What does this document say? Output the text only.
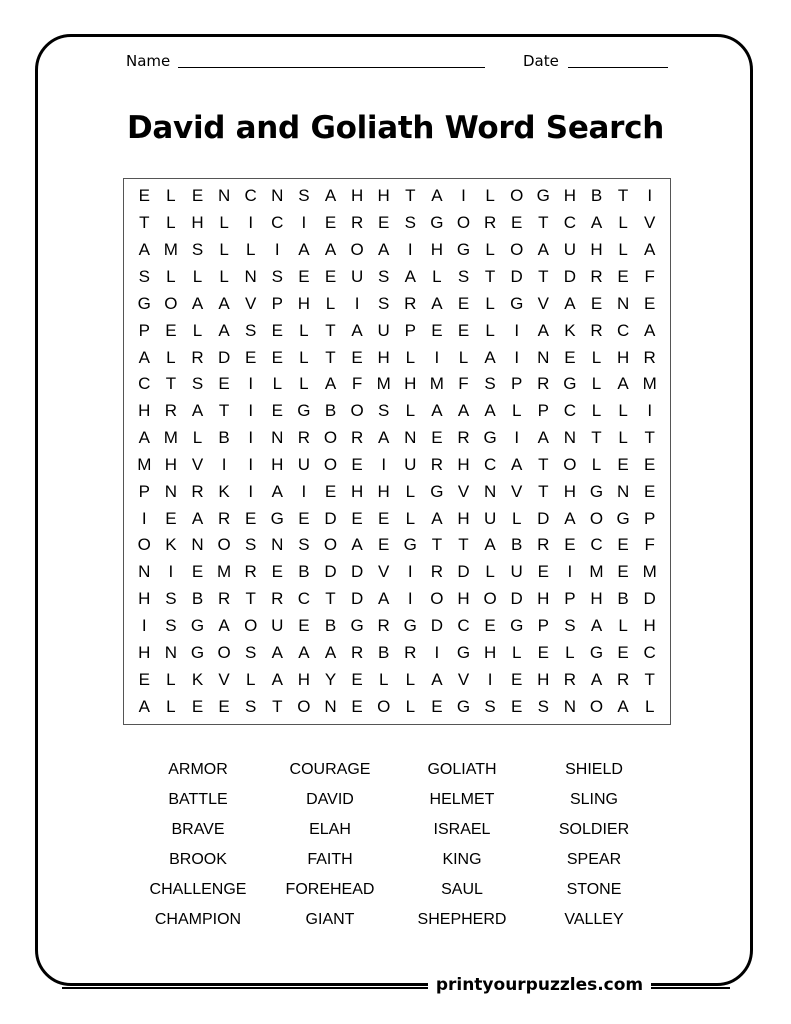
Name	Date
David and Goliath Word Search
E L E N C N S A H H T A	I	L O G H B T	I
T L H L	I	C	I	E R E S G O R E T C A L V
A M S L	L	I	A A O A	I	H G L O A U H L A
S L	L	L N S E E U S A L S T D T D R E F
G O A A V P H L	I	S R A E L G V A E N E
P E L A S E L T A U P E E L	I	A K R C A
A L R D E E L T E H L	I	L A	I	N E L H R
C T S E	I	L	L A F M H M F S P R G L A M
H R A T	I	E G B O S L A A A L P C L	L	I
A M L B	I	N R O R A N E R G	I	A N T L T
M H V	I	I	H U O E	I	U R H C A T O L E E
P N R K	I	A	I	E H H L G V N V T H G N E
I	E A R E G E D E E L A H U L D A O G P
O K N O S N S O A E G T T A B R E C E F
N	I	E M R E B D D V	I	R D L U E	I	M E M
H S B R T R C T D A	I	O H O D H P H B D
I	S G A O U E B G R G D C E G P S A L H
H N G O S A A A R B R	I	G H L E L G E C
E L K V L A H Y E L	L A V	I	E H R A R T
A L E E S T O N E O L E G S E S N O A L
ARMOR	COURAGE	GOLIATH	SHIELD
BATTLE	DAVID	HELMET	SLING
BRAVE	ELAH	ISRAEL	SOLDIER
BROOK	FAITH	KING	SPEAR
CHALLENGE	FOREHEAD	SAUL	STONE
CHAMPION	GIANT	SHEPHERD	VALLEY
printyourpuzzles.com
